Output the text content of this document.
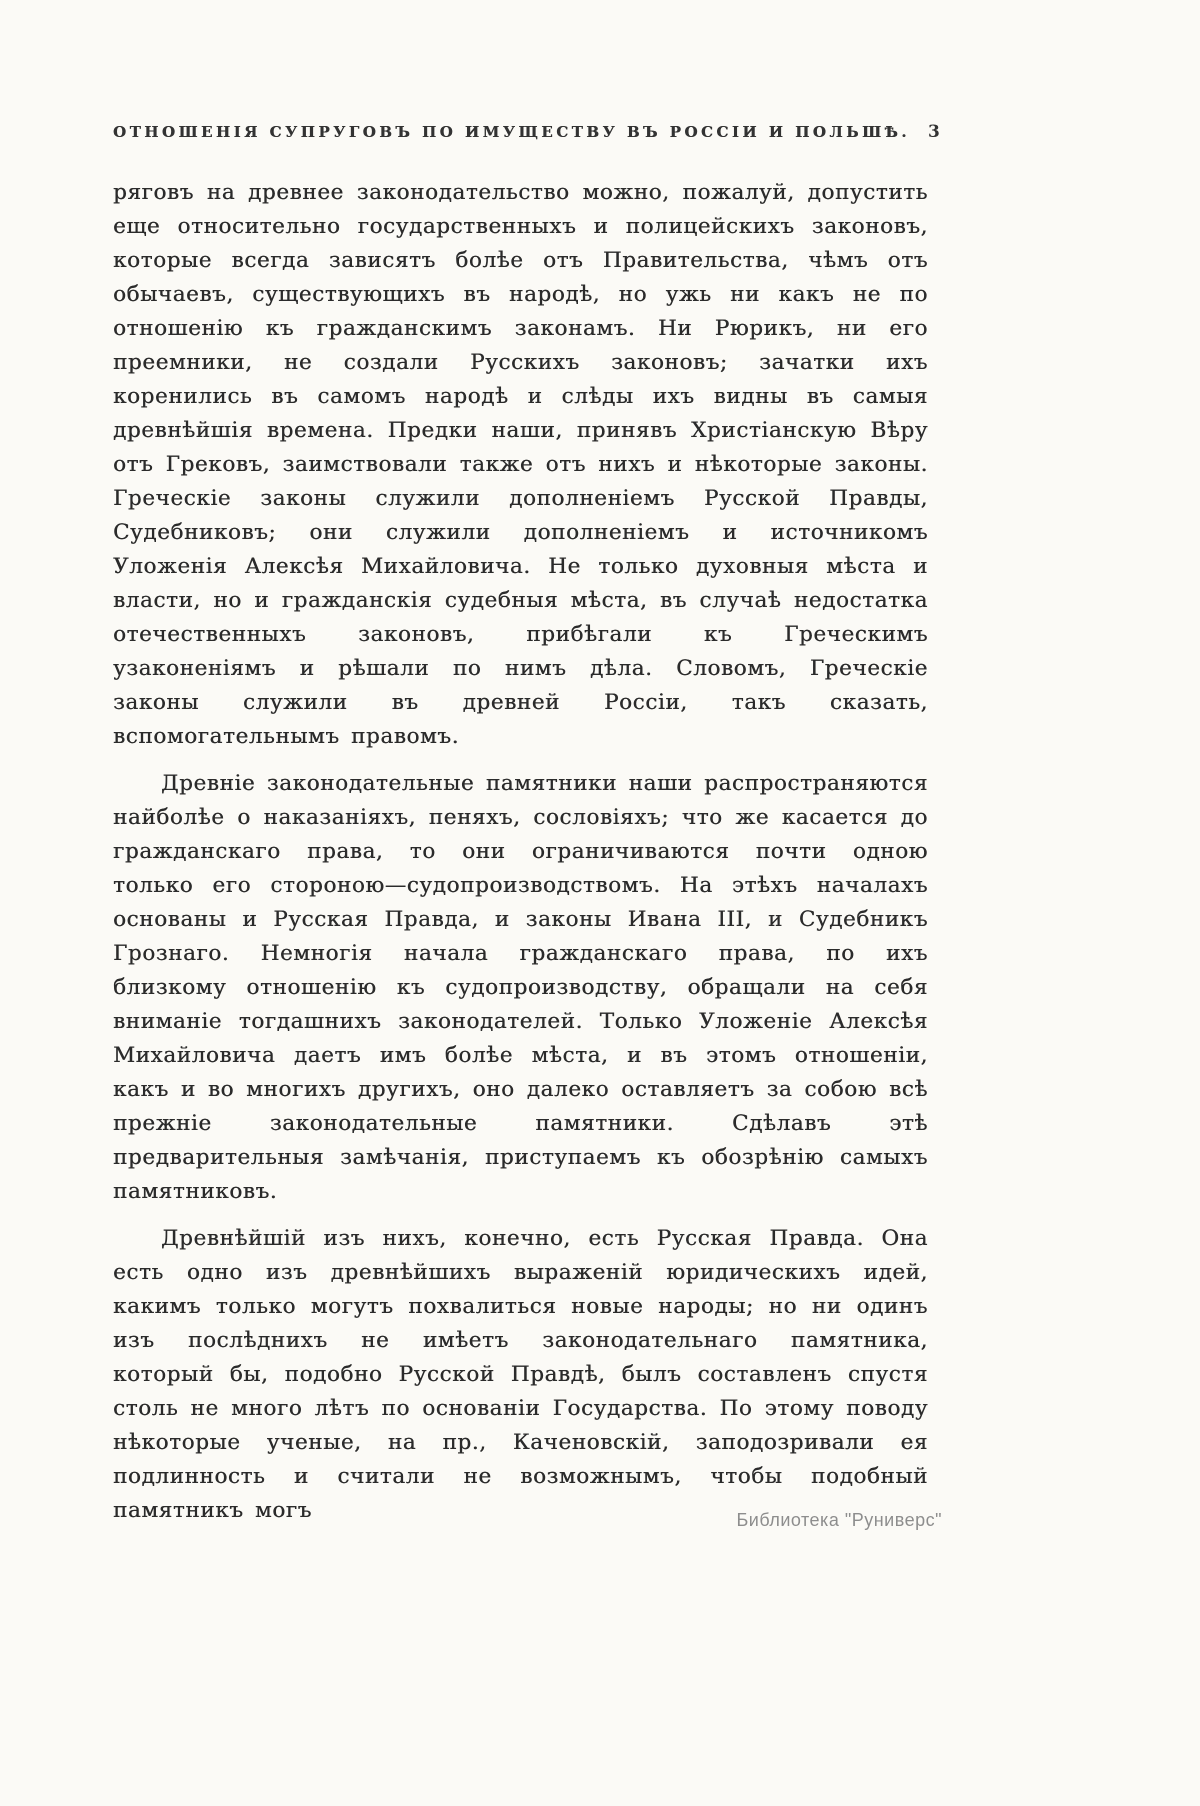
ОТНОШЕНІЯ СУПРУГОВЪ ПО ИМУЩЕСТВУ ВЪ РОССІИ И ПОЛЬШѢ. 3

ряговъ на древнее законодательство можно, пожалуй, допустить еще относительно государственныхъ и полицейскихъ законовъ, которые всегда зависятъ болѣе отъ Правительства, чѣмъ отъ обычаевъ, существующихъ въ народѣ, но ужь ни какъ не по отношенію къ гражданскимъ законамъ. Ни Рюрикъ, ни его преемники, не создали Русскихъ законовъ; зачатки ихъ коренились въ самомъ народѣ и слѣды ихъ видны въ самыя древнѣйшія времена. Предки наши, принявъ Христіанскую Вѣру отъ Грековъ, заимствовали также отъ нихъ и нѣкоторые законы. Греческіе законы служили дополненіемъ Русской Правды, Судебниковъ; они служили дополненіемъ и источникомъ Уложенія Алексѣя Михайловича. Не только духовныя мѣста и власти, но и гражданскія судебныя мѣста, въ случаѣ недостатка отечественныхъ законовъ, прибѣгали къ Греческимъ узаконеніямъ и рѣшали по нимъ дѣла. Словомъ, Греческіе законы служили въ древней Россіи, такъ сказать, вспомогательнымъ правомъ.

Древніе законодательные памятники наши распространяются найболѣе о наказаніяхъ, пеняхъ, сословіяхъ; что же касается до гражданскаго права, то они ограничиваются почти одною только его стороною—судопроизводствомъ. На этѣхъ началахъ основаны и Русская Правда, и законы Ивана III, и Судебникъ Грознаго. Немногія начала гражданскаго права, по ихъ близкому отношенію къ судопроизводству, обращали на себя вниманіе тогдашнихъ законодателей. Только Уложеніе Алексѣя Михайловича даетъ имъ болѣе мѣста, и въ этомъ отношеніи, какъ и во многихъ другихъ, оно далеко оставляетъ за собою всѣ прежніе законодательные памятники. Сдѣлавъ этѣ предварительныя замѣчанія, приступаемъ къ обозрѣнію самыхъ памятниковъ.

Древнѣйшій изъ нихъ, конечно, есть Русская Правда. Она есть одно изъ древнѣйшихъ выраженій юридическихъ идей, какимъ только могутъ похвалиться новые народы; но ни одинъ изъ послѣднихъ не имѣетъ законодательнаго памятника, который бы, подобно Русской Правдѣ, былъ составленъ спустя столь не много лѣтъ по основаніи Государства. По этому поводу нѣкоторые ученые, на пр., Каченовскій, заподозривали ея подлинность и считали не возможнымъ, чтобы подобный памятникъ могъ	Библиотека "Руниверс"
